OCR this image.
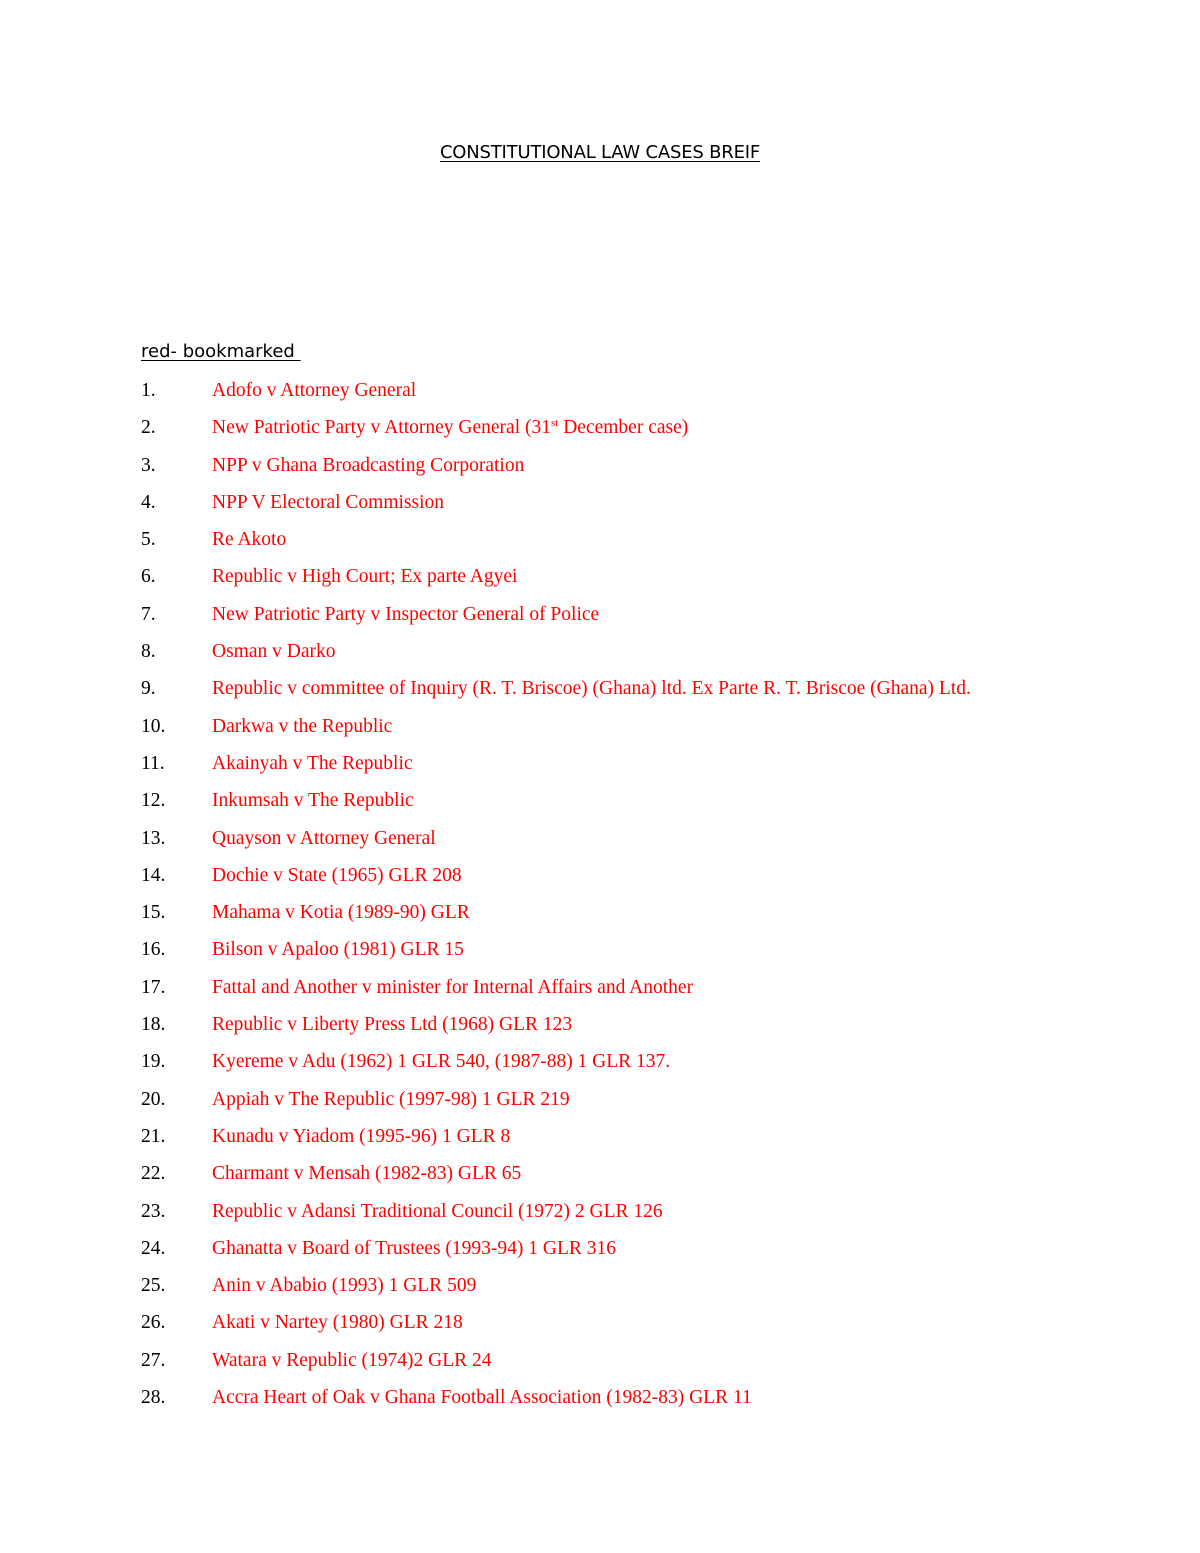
CONSTITUTIONAL LAW CASES BREIF
red- bookmarked
1.	Adofo v Attorney General
2.	New Patriotic Party v Attorney General (31st December case)
3.	NPP v Ghana Broadcasting Corporation
4.	NPP V Electoral Commission
5.	Re Akoto
6.	Republic v High Court; Ex parte Agyei
7.	New Patriotic Party v Inspector General of Police
8.	Osman v Darko
9.	Republic v committee of Inquiry (R. T. Briscoe) (Ghana) ltd. Ex Parte R. T. Briscoe (Ghana) Ltd.
10. Darkwa v the Republic
11. Akainyah v The Republic
12. Inkumsah v The Republic
13. Quayson v Attorney General
14. Dochie v State (1965) GLR 208
15. Mahama v Kotia (1989-90) GLR
16. Bilson v Apaloo (1981) GLR 15
17. Fattal and Another v minister for Internal Affairs and Another
18. Republic v Liberty Press Ltd (1968) GLR 123
19. Kyereme v Adu (1962) 1 GLR 540, (1987-88) 1 GLR 137.
20. Appiah v The Republic (1997-98) 1 GLR 219
21. Kunadu v Yiadom (1995-96) 1 GLR 8
22. Charmant v Mensah (1982-83) GLR 65
23. Republic v Adansi Traditional Council (1972) 2 GLR 126
24. Ghanatta v Board of Trustees (1993-94) 1 GLR 316
25. Anin v Ababio (1993) 1 GLR 509
26. Akati v Nartey (1980) GLR 218
27. Watara v Republic (1974)2 GLR 24
28. Accra Heart of Oak v Ghana Football Association (1982-83) GLR 11
